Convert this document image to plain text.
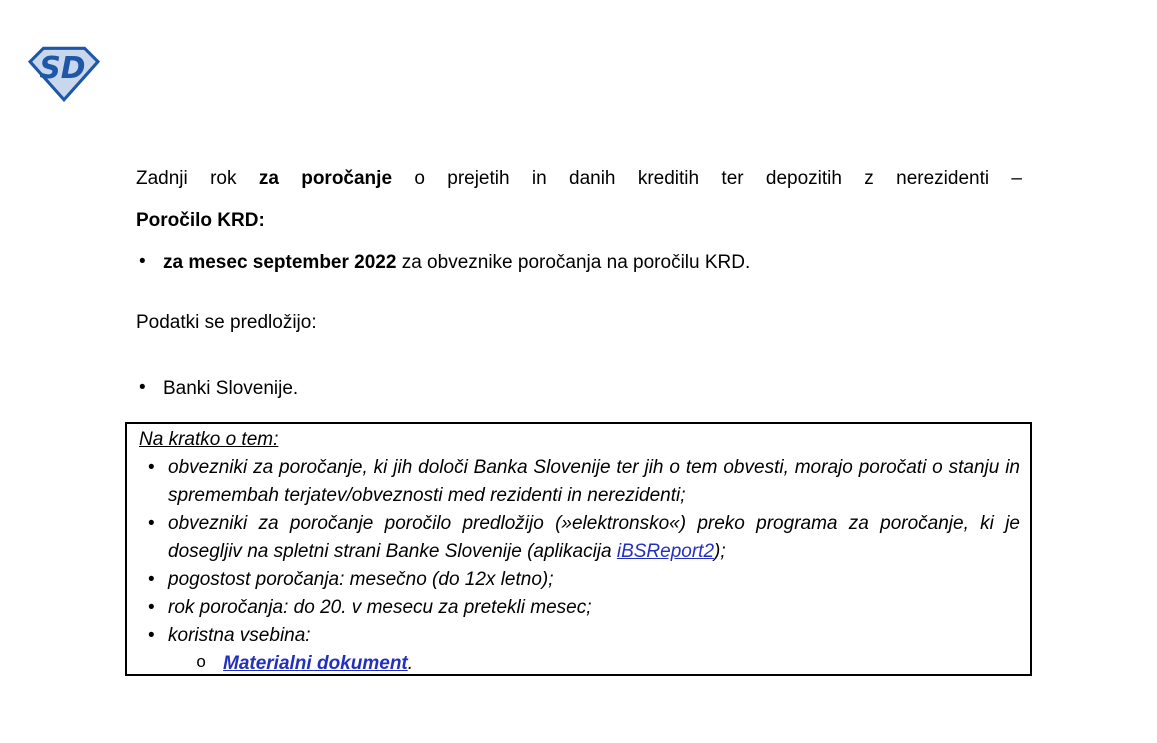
SD

Zadnji rok za poročanje o prejetih in danih kreditih ter depozitih z nerezidenti –

Poročilo KRD:

• za mesec september 2022 za obveznike poročanja na poročilu KRD.

Podatki se predložijo:

• Banki Slovenije.

Na kratko o tem:

• obvezniki za poročanje, ki jih določi Banka Slovenije ter jih o tem obvesti, morajo poročati o stanju in spremembah terjatev/obveznosti med rezidenti in nerezidenti;
• obvezniki za poročanje poročilo predložijo (»elektronsko«) preko programa za poročanje, ki je dosegljiv na spletni strani Banke Slovenije (aplikacija iBSReport2);
• pogostost poročanja: mesečno (do 12x letno);
• rok poročanja: do 20. v mesecu za pretekli mesec;
• koristna vsebina:
o Materialni dokument.
